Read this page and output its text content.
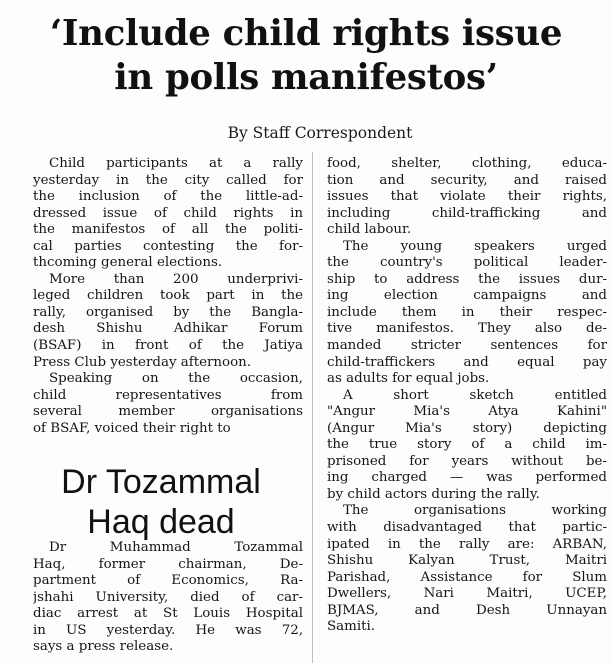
‘Include child rights issue
in polls manifestos’
By Staff Correspondent
Child participants at a rally
yesterday in the city called for
the inclusion of the little-ad-
dressed issue of child rights in
the manifestos of all the politi-
cal parties contesting the for-
thcoming general elections.
More than 200 underprivi-
leged children took part in the
rally, organised by the Bangla-
desh Shishu Adhikar Forum
(BSAF) in front of the Jatiya
Press Club yesterday afternoon.
Speaking on the occasion,
child representatives from
several member organisations
of BSAF, voiced their right to
food, shelter, clothing, educa-
tion and security, and raised
issues that violate their rights,
including child-trafficking and
child labour.
The young speakers urged
the country's political leader-
ship to address the issues dur-
ing election campaigns and
include them in their respec-
tive manifestos. They also de-
manded stricter sentences for
child-traffickers and equal pay
as adults for equal jobs.
A short sketch entitled
"Angur Mia's Atya Kahini"
(Angur Mia's story) depicting
the true story of a child im-
prisoned for years without be-
ing charged — was performed
by child actors during the rally.
The organisations working
with disadvantaged that partic-
ipated in the rally are: ARBAN,
Shishu Kalyan Trust, Maitri
Parishad, Assistance for Slum
Dwellers, Nari Maitri, UCEP,
BJMAS, and Desh Unnayan
Samiti.
Dr Tozammal
Haq dead
Dr Muhammad Tozammal
Haq, former chairman, De-
partment of Economics, Ra-
jshahi University, died of car-
diac arrest at St Louis Hospital
in US yesterday. He was 72,
says a press release.
